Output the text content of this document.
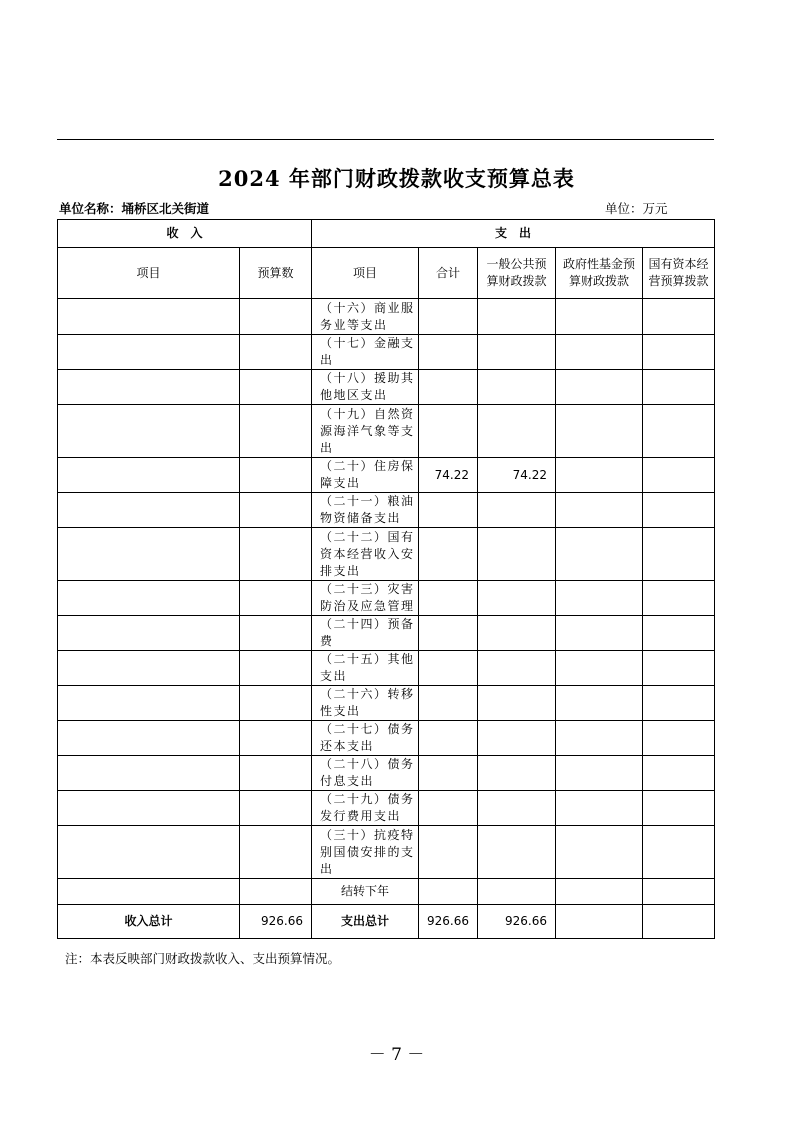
2024 年部门财政拨款收支预算总表
单位名称：埇桥区北关街道	单位：万元
收　入		支　出				
项目	预算数	项目	合计	一般公共预算财政拨款	政府性基金预算财政拨款	国有资本经营预算拨款
		（十六）商业服务业等支出				
		（十七）金融支出				
		（十八）援助其他地区支出				
		（十九）自然资源海洋气象等支出				
		（二十）住房保障支出	74.22	74.22		
		（二十一）粮油物资储备支出				
		（二十二）国有资本经营收入安排支出				
		（二十三）灾害防治及应急管理				
		（二十四）预备费				
		（二十五）其他支出				
		（二十六）转移性支出				
		（二十七）债务还本支出				
		（二十八）债务付息支出				
		（二十九）债务发行费用支出				
		（三十）抗疫特别国债安排的支出				
		结转下年				
收入总计	926.66	支出总计	926.66	926.66		
注：本表反映部门财政拨款收入、支出预算情况。
－ 7 －
